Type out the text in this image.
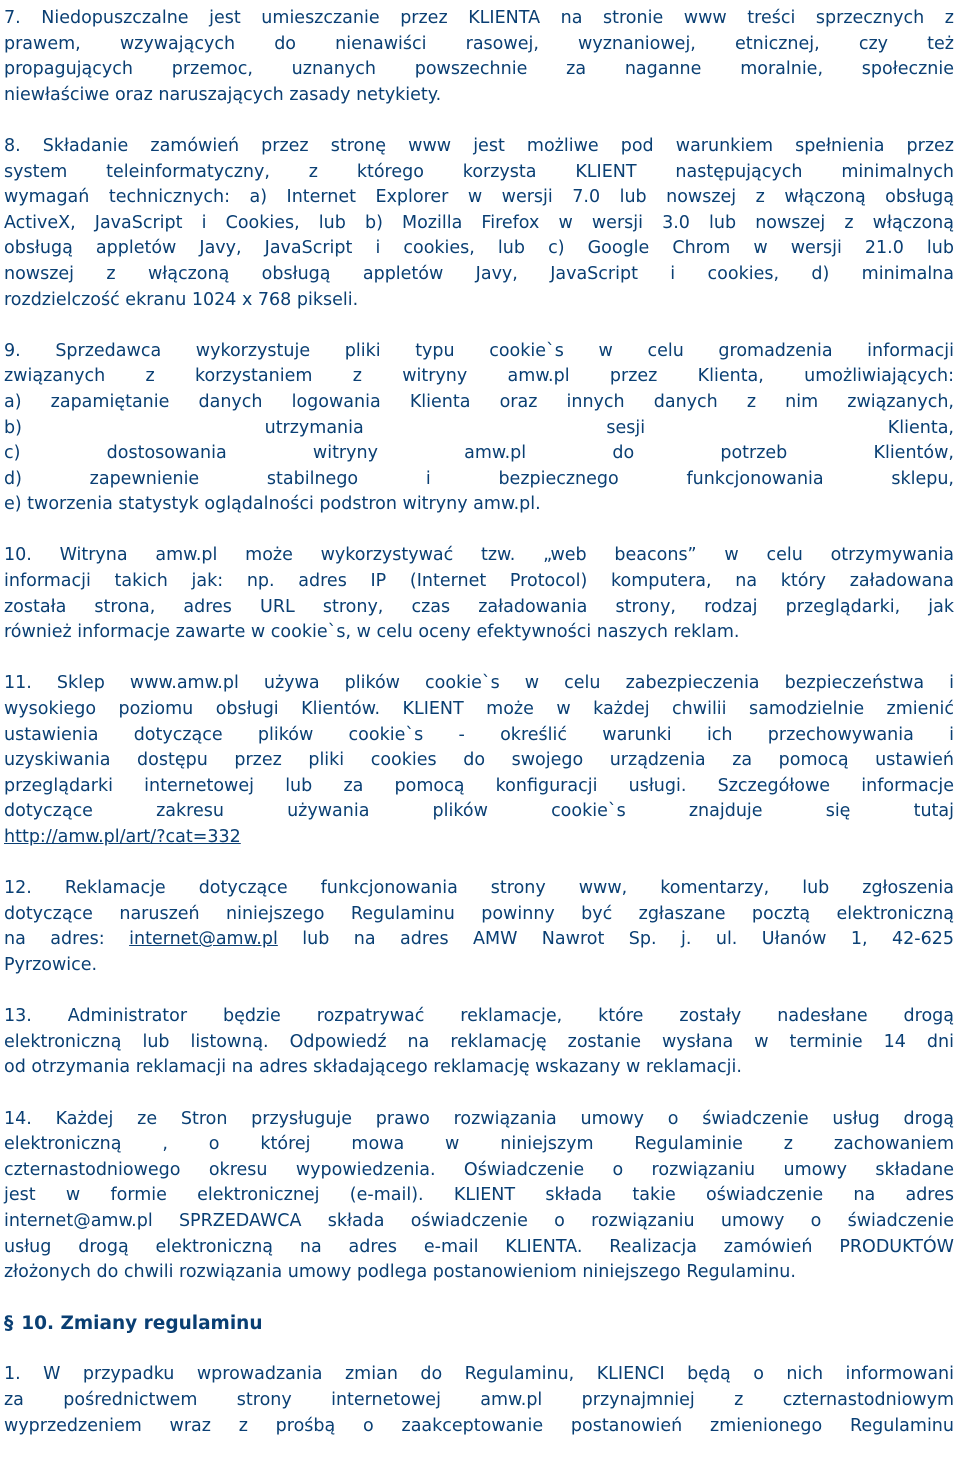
7. Niedopuszczalne jest umieszczanie przez KLIENTA na stronie www treści sprzecznych z
prawem, wzywających do nienawiści rasowej, wyznaniowej, etnicznej, czy też
propagujących przemoc, uznanych powszechnie za naganne moralnie, społecznie
niewłaściwe oraz naruszających zasady netykiety.
8. Składanie zamówień przez stronę www jest możliwe pod warunkiem spełnienia przez
system teleinformatyczny, z którego korzysta KLIENT następujących minimalnych
wymagań technicznych: a) Internet Explorer w wersji 7.0 lub nowszej z włączoną obsługą
ActiveX, JavaScript i Cookies, lub b) Mozilla Firefox w wersji 3.0 lub nowszej z włączoną
obsługą appletów Javy, JavaScript i cookies, lub c) Google Chrom w wersji 21.0 lub
nowszej z włączoną obsługą appletów Javy, JavaScript i cookies, d) minimalna
rozdzielczość ekranu 1024 x 768 pikseli.
9. Sprzedawca wykorzystuje pliki typu cookie`s w celu gromadzenia informacji
związanych z korzystaniem z witryny amw.pl przez Klienta, umożliwiających:
a) zapamiętanie danych logowania Klienta oraz innych danych z nim związanych,
b) utrzymania sesji Klienta,
c) dostosowania witryny amw.pl do potrzeb Klientów,
d) zapewnienie stabilnego i bezpiecznego funkcjonowania sklepu,
e) tworzenia statystyk oglądalności podstron witryny amw.pl.
10. Witryna amw.pl może wykorzystywać tzw. „web beacons” w celu otrzymywania
informacji takich jak: np. adres IP (Internet Protocol) komputera, na który załadowana
została strona, adres URL strony, czas załadowania strony, rodzaj przeglądarki, jak
również informacje zawarte w cookie`s, w celu oceny efektywności naszych reklam.
11. Sklep www.amw.pl używa plików cookie`s w celu zabezpieczenia bezpieczeństwa i
wysokiego poziomu obsługi Klientów. KLIENT może w każdej chwilii samodzielnie zmienić
ustawienia dotyczące plików cookie`s - określić warunki ich przechowywania i
uzyskiwania dostępu przez pliki cookies do swojego urządzenia za pomocą ustawień
przeglądarki internetowej lub za pomocą konfiguracji usługi. Szczegółowe informacje
dotyczące zakresu używania plików cookie`s znajduje się tutaj
http://amw.pl/art/?cat=332
12. Reklamacje dotyczące funkcjonowania strony www, komentarzy, lub zgłoszenia
dotyczące naruszeń niniejszego Regulaminu powinny być zgłaszane pocztą elektroniczną
na adres: internet@amw.pl lub na adres AMW Nawrot Sp. j. ul. Ułanów 1, 42-625
Pyrzowice.
13. Administrator będzie rozpatrywać reklamacje, które zostały nadesłane drogą
elektroniczną lub listowną. Odpowiedź na reklamację zostanie wysłana w terminie 14 dni
od otrzymania reklamacji na adres składającego reklamację wskazany w reklamacji.
14. Każdej ze Stron przysługuje prawo rozwiązania umowy o świadczenie usług drogą
elektroniczną , o której mowa w niniejszym Regulaminie z zachowaniem
czternastodniowego okresu wypowiedzenia. Oświadczenie o rozwiązaniu umowy składane
jest w formie elektronicznej (e-mail). KLIENT składa takie oświadczenie na adres
internet@amw.pl SPRZEDAWCA składa oświadczenie o rozwiązaniu umowy o świadczenie
usług drogą elektroniczną na adres e-mail KLIENTA. Realizacja zamówień PRODUKTÓW
złożonych do chwili rozwiązania umowy podlega postanowieniom niniejszego Regulaminu.
§ 10. Zmiany regulaminu
1. W przypadku wprowadzania zmian do Regulaminu, KLIENCI będą o nich informowani
za pośrednictwem strony internetowej amw.pl przynajmniej z czternastodniowym
wyprzedzeniem wraz z prośbą o zaakceptowanie postanowień zmienionego Regulaminu
